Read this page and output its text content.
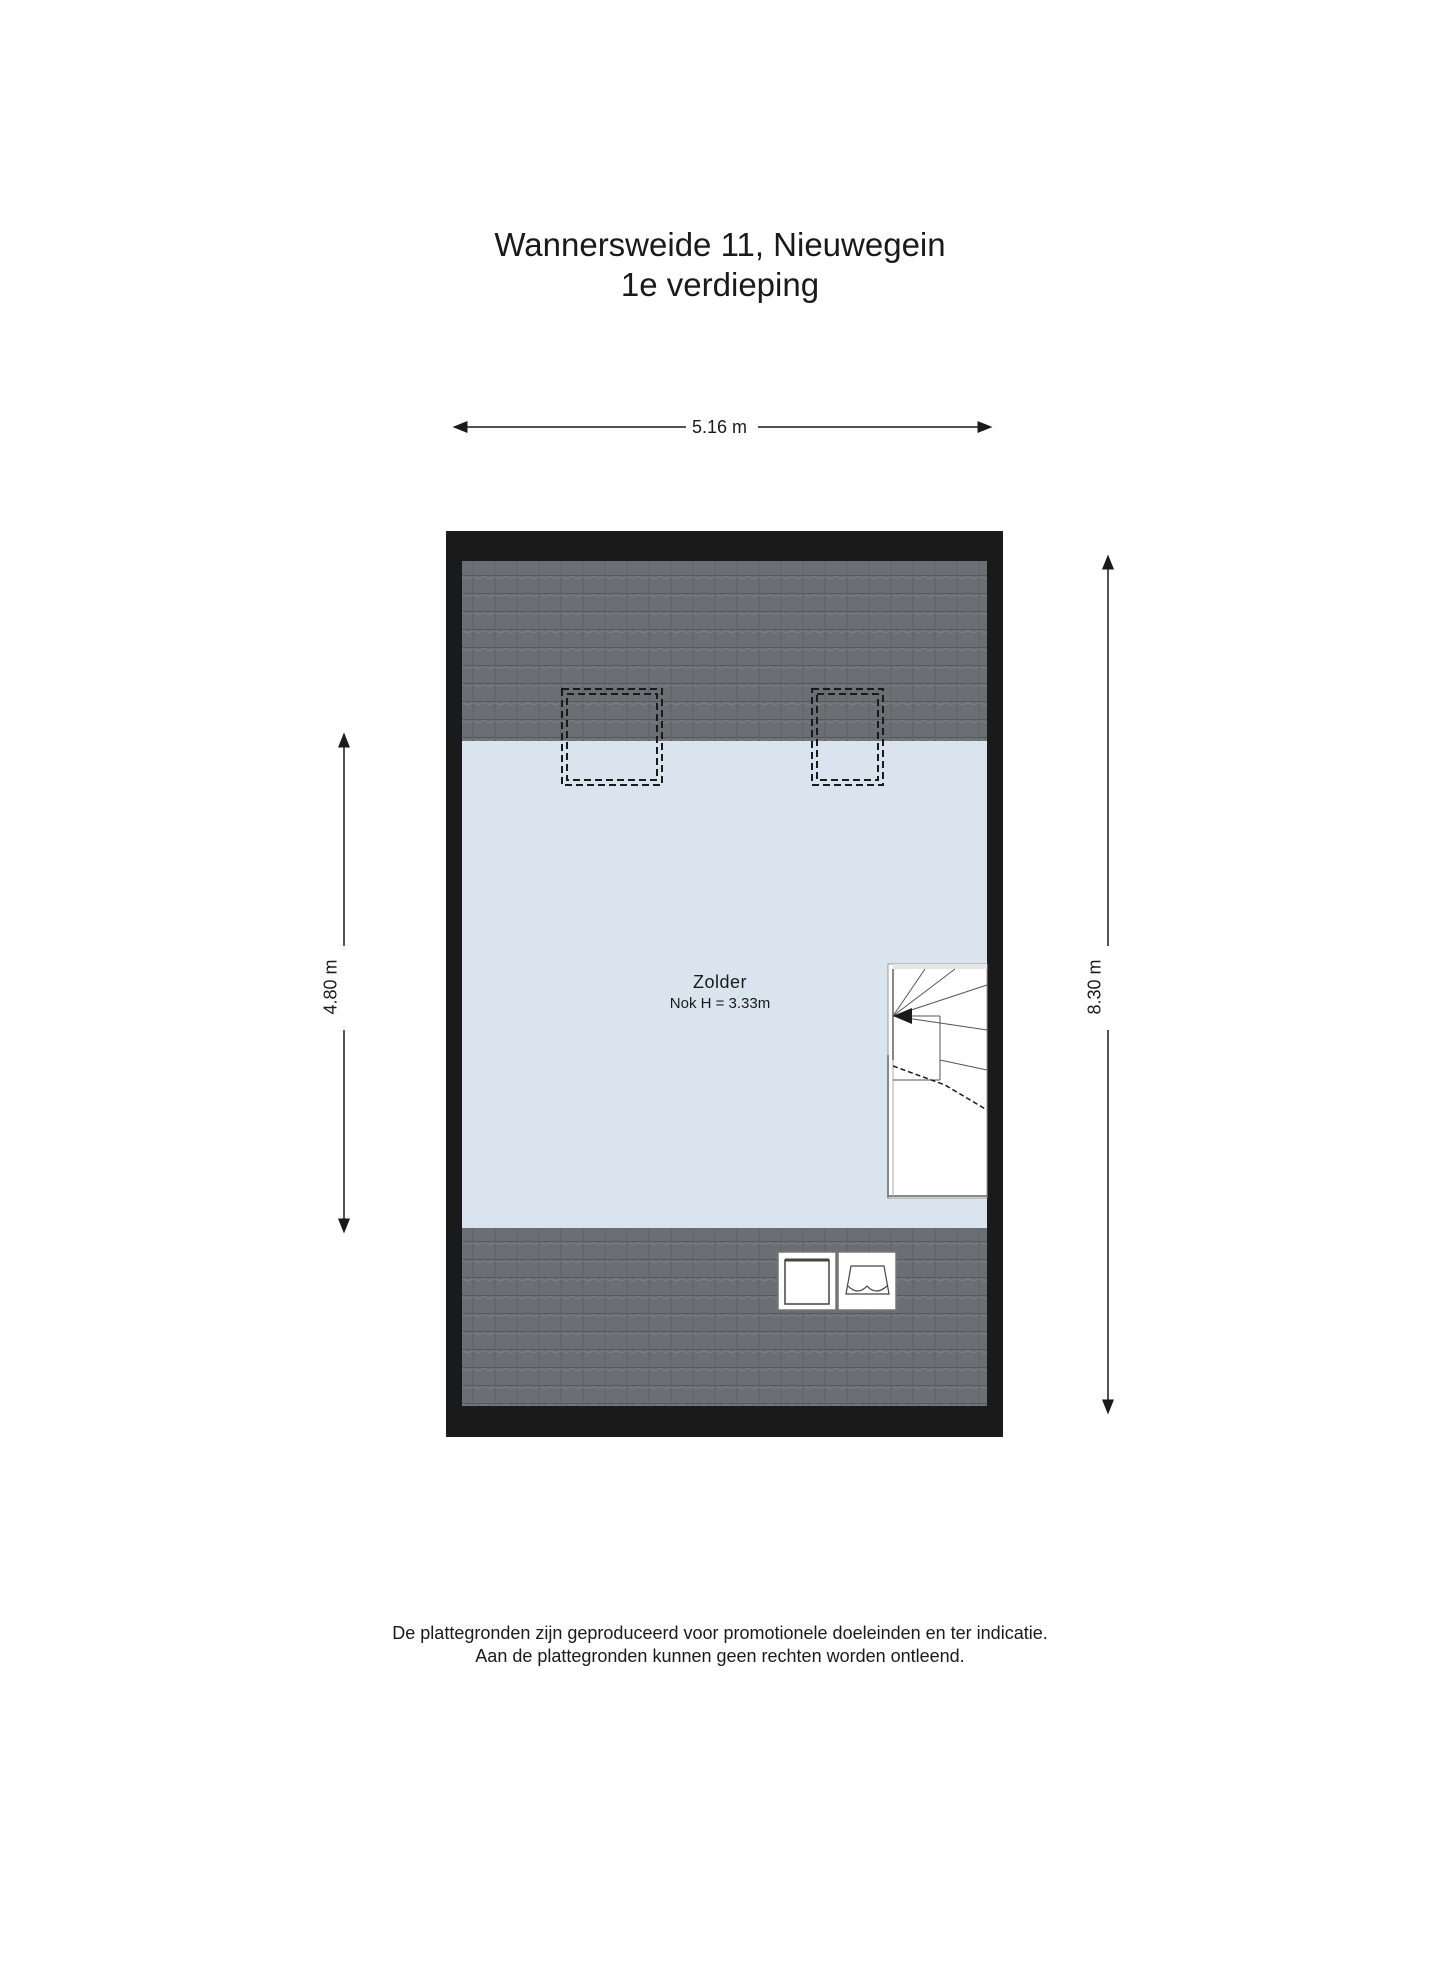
Wannersweide 11, Nieuwegein
1e verdieping
5.16 m
4.80 m	8.30 m
Zolder
Nok H = 3.33m
De plattegronden zijn geproduceerd voor promotionele doeleinden en ter indicatie.
Aan de plattegronden kunnen geen rechten worden ontleend.
